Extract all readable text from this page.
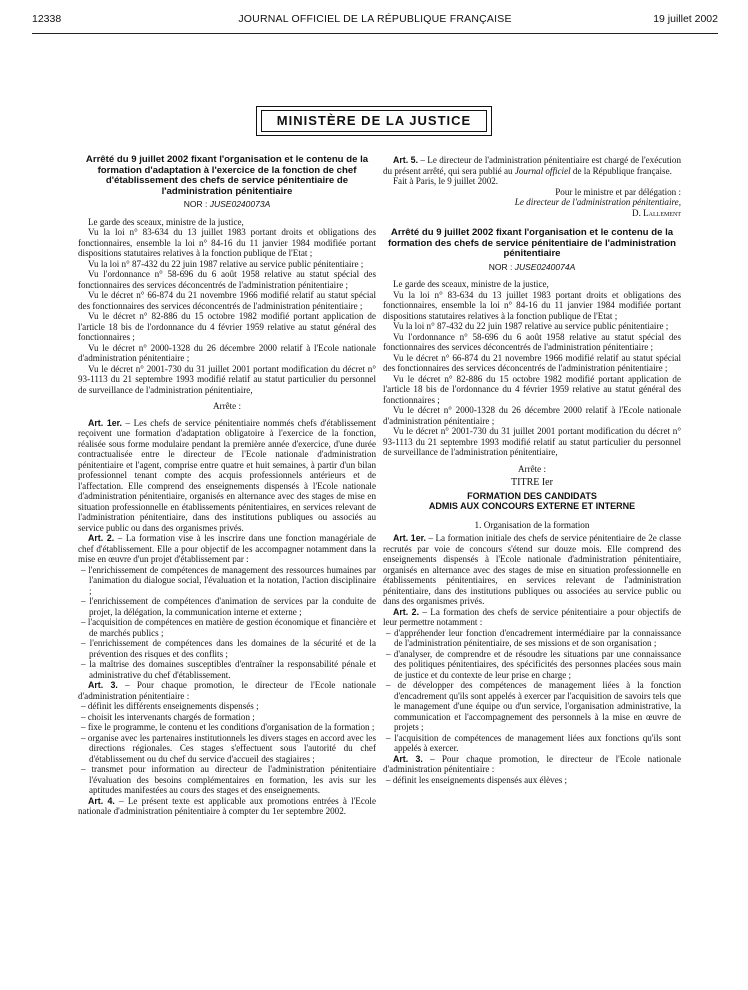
12338	JOURNAL OFFICIEL DE LA RÉPUBLIQUE FRANÇAISE	19 juillet 2002
MINISTÈRE DE LA JUSTICE
Arrêté du 9 juillet 2002 fixant l'organisation et le contenu de la formation d'adaptation à l'exercice de la fonction de chef d'établissement des chefs de service pénitentiaire de l'administration pénitentiaire
NOR : JUSE0240073A

Le garde des sceaux, ministre de la justice,

Vu la loi n° 83-634 du 13 juillet 1983 portant droits et obligations des fonctionnaires, ensemble la loi n° 84-16 du 11 janvier 1984 modifiée portant dispositions statutaires relatives à la fonction publique de l'Etat ;

Vu la loi n° 87-432 du 22 juin 1987 relative au service public pénitentiaire ;

Vu l'ordonnance n° 58-696 du 6 août 1958 relative au statut spécial des fonctionnaires des services déconcentrés de l'administration pénitentiaire ;

Vu le décret n° 66-874 du 21 novembre 1966 modifié relatif au statut spécial des fonctionnaires des services déconcentrés de l'administration pénitentiaire ;

Vu le décret n° 82-886 du 15 octobre 1982 modifié portant application de l'article 18 bis de l'ordonnance du 4 février 1959 relative au statut général des fonctionnaires ;

Vu le décret n° 2000-1328 du 26 décembre 2000 relatif à l'Ecole nationale d'administration pénitentiaire ;

Vu le décret n° 2001-730 du 31 juillet 2001 portant modification du décret n° 93-1113 du 21 septembre 1993 modifié relatif au statut particulier du personnel de surveillance de l'administration pénitentiaire,

Arrête :

Art. 1er. – Les chefs de service pénitentiaire nommés chefs d'établissement reçoivent une formation d'adaptation obligatoire à l'exercice de la fonction, réalisée sous forme modulaire pendant la première année d'exercice, d'une durée contractualisée entre le directeur de l'Ecole nationale d'administration pénitentiaire et l'agent, comprise entre quatre et huit semaines, à partir d'un bilan professionnel tenant compte des acquis professionnels antérieurs et de l'affectation. Elle comprend des enseignements dispensés à l'Ecole nationale d'administration pénitentiaire, organisés en alternance avec des stages de mise en situation professionnelle en établissements pénitentiaires, en services relevant de l'administration pénitentiaire, dans des institutions publiques ou associés au service public ou dans des organismes privés.

Art. 2. – La formation vise à les inscrire dans une fonction managériale de chef d'établissement. Elle a pour objectif de les accompagner notamment dans la mise en œuvre d'un projet d'établissement par :

– l'enrichissement de compétences de management des ressources humaines par l'animation du dialogue social, l'évaluation et la notation, l'action disciplinaire ;
– l'enrichissement de compétences d'animation de services par la conduite de projet, la délégation, la communication interne et externe ;
– l'acquisition de compétences en matière de gestion économique et financière et de marchés publics ;
– l'enrichissement de compétences dans les domaines de la sécurité et de la prévention des risques et des conflits ;
– la maîtrise des domaines susceptibles d'entraîner la responsabilité pénale et administrative du chef d'établissement.

Art. 3. – Pour chaque promotion, le directeur de l'Ecole nationale d'administration pénitentiaire :

– définit les différents enseignements dispensés ;
– choisit les intervenants chargés de formation ;
– fixe le programme, le contenu et les conditions d'organisation de la formation ;
– organise avec les partenaires institutionnels les divers stages en accord avec les directions régionales. Ces stages s'effectuent sous l'autorité du chef d'établissement ou du chef du service d'accueil des stagiaires ;
– transmet pour information au directeur de l'administration pénitentiaire l'évaluation des besoins complémentaires en formation, les avis sur les aptitudes manifestées au cours des stages et des enseignements.

Art. 4. – Le présent texte est applicable aux promotions entrées à l'Ecole nationale d'administration pénitentiaire à compter du 1er septembre 2002.

Art. 5. – Le directeur de l'administration pénitentiaire est chargé de l'exécution du présent arrêté, qui sera publié au Journal officiel de la République française.

Fait à Paris, le 9 juillet 2002.

Pour le ministre et par délégation :

Le directeur de l'administration pénitentiaire,

D. Lallement

Arrêté du 9 juillet 2002 fixant l'organisation et le contenu de la formation des chefs de service pénitentiaire de l'administration pénitentiaire
NOR : JUSE0240074A

Le garde des sceaux, ministre de la justice,

Vu la loi n° 83-634 du 13 juillet 1983 portant droits et obligations des fonctionnaires, ensemble la loi n° 84-16 du 11 janvier 1984 modifiée portant dispositions statutaires relatives à la fonction publique de l'Etat ;

Vu la loi n° 87-432 du 22 juin 1987 relative au service public pénitentiaire ;

Vu l'ordonnance n° 58-696 du 6 août 1958 relative au statut spécial des fonctionnaires des services déconcentrés de l'administration pénitentiaire ;

Vu le décret n° 66-874 du 21 novembre 1966 modifié relatif au statut spécial des fonctionnaires des services déconcentrés de l'administration pénitentiaire ;

Vu le décret n° 82-886 du 15 octobre 1982 modifié portant application de l'article 18 bis de l'ordonnance du 4 février 1959 relative au statut général des fonctionnaires ;

Vu le décret n° 2000-1328 du 26 décembre 2000 relatif à l'Ecole nationale d'administration pénitentiaire ;

Vu le décret n° 2001-730 du 31 juillet 2001 portant modification du décret n° 93-1113 du 21 septembre 1993 modifié relatif au statut particulier du personnel de surveillance de l'administration pénitentiaire,

Arrête :

TITRE Ier
FORMATION DES CANDIDATS
ADMIS AUX CONCOURS EXTERNE ET INTERNE
1. Organisation de la formation

Art. 1er. – La formation initiale des chefs de service pénitentiaire de 2e classe recrutés par voie de concours s'étend sur douze mois. Elle comprend des enseignements dispensés à l'Ecole nationale d'administration pénitentiaire, organisés en alternance avec des stages de mise en situation professionnelle en établissements pénitentiaires, en services relevant de l'administration pénitentiaire, dans des institutions publiques ou associées au service public ou dans des organismes privés.

Art. 2. – La formation des chefs de service pénitentiaire a pour objectifs de leur permettre notamment :

– d'appréhender leur fonction d'encadrement intermédiaire par la connaissance de l'administration pénitentiaire, de ses missions et de son organisation ;
– d'analyser, de comprendre et de résoudre les situations par une connaissance des politiques pénitentiaires, des spécificités des personnes placées sous main de justice et du contexte de leur prise en charge ;
– de développer des compétences de management liées à la fonction d'encadrement qu'ils sont appelés à exercer par l'acquisition de savoirs tels que le management d'une équipe ou d'un service, l'organisation administrative, la communication et l'accompagnement des personnels à la mise en œuvre de projets ;
– l'acquisition de compétences de management liées aux fonctions qu'ils sont appelés à exercer.

Art. 3. – Pour chaque promotion, le directeur de l'Ecole nationale d'administration pénitentiaire :

– définit les enseignements dispensés aux élèves ;
